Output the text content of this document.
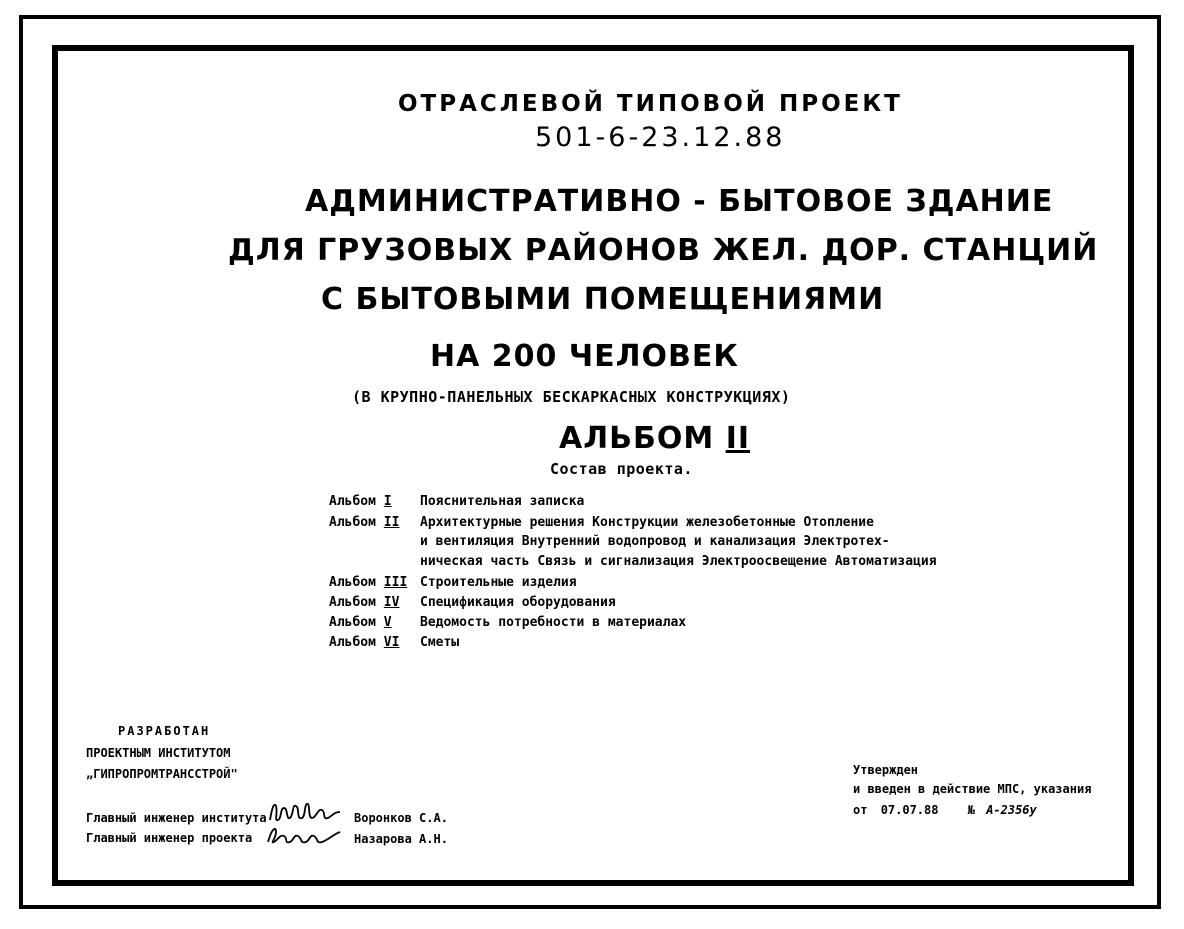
ОТРАСЛЕВОЙ ТИПОВОЙ ПРОЕКТ
501-6-23.12.88
АДМИНИСТРАТИВНО - БЫТОВОЕ ЗДАНИЕ
ДЛЯ ГРУЗОВЫХ РАЙОНОВ ЖЕЛ. ДОР. СТАНЦИЙ
С БЫТОВЫМИ ПОМЕЩЕНИЯМИ
НА 200 ЧЕЛОВЕК
(В КРУПНО-ПАНЕЛЬНЫХ БЕСКАРКАСНЫХ КОНСТРУКЦИЯХ)
АЛЬБОМ II
Состав проекта.
Альбом I Пояснительная записка
Альбом II Архитектурные решения Конструкции железобетонные Отопление
и вентиляция Внутренний водопровод и канализация Электротех-
ническая часть Связь и сигнализация Электроосвещение Автоматизация
Альбом III Строительные изделия
Альбом IV Спецификация оборудования
Альбом V Ведомость потребности в материалах
Альбом VI Сметы
РАЗРАБОТАН
ПРОЕКТНЫМ ИНСТИТУТОМ
„ГИПРОПРОМТРАНССТРОЙ"
Главный инженер института	Воронков С.А.
Главный инженер проекта	Назарова А.Н.
Утвержден
и введен в действие МПС, указания
от 07.07.88 № А-2356у
